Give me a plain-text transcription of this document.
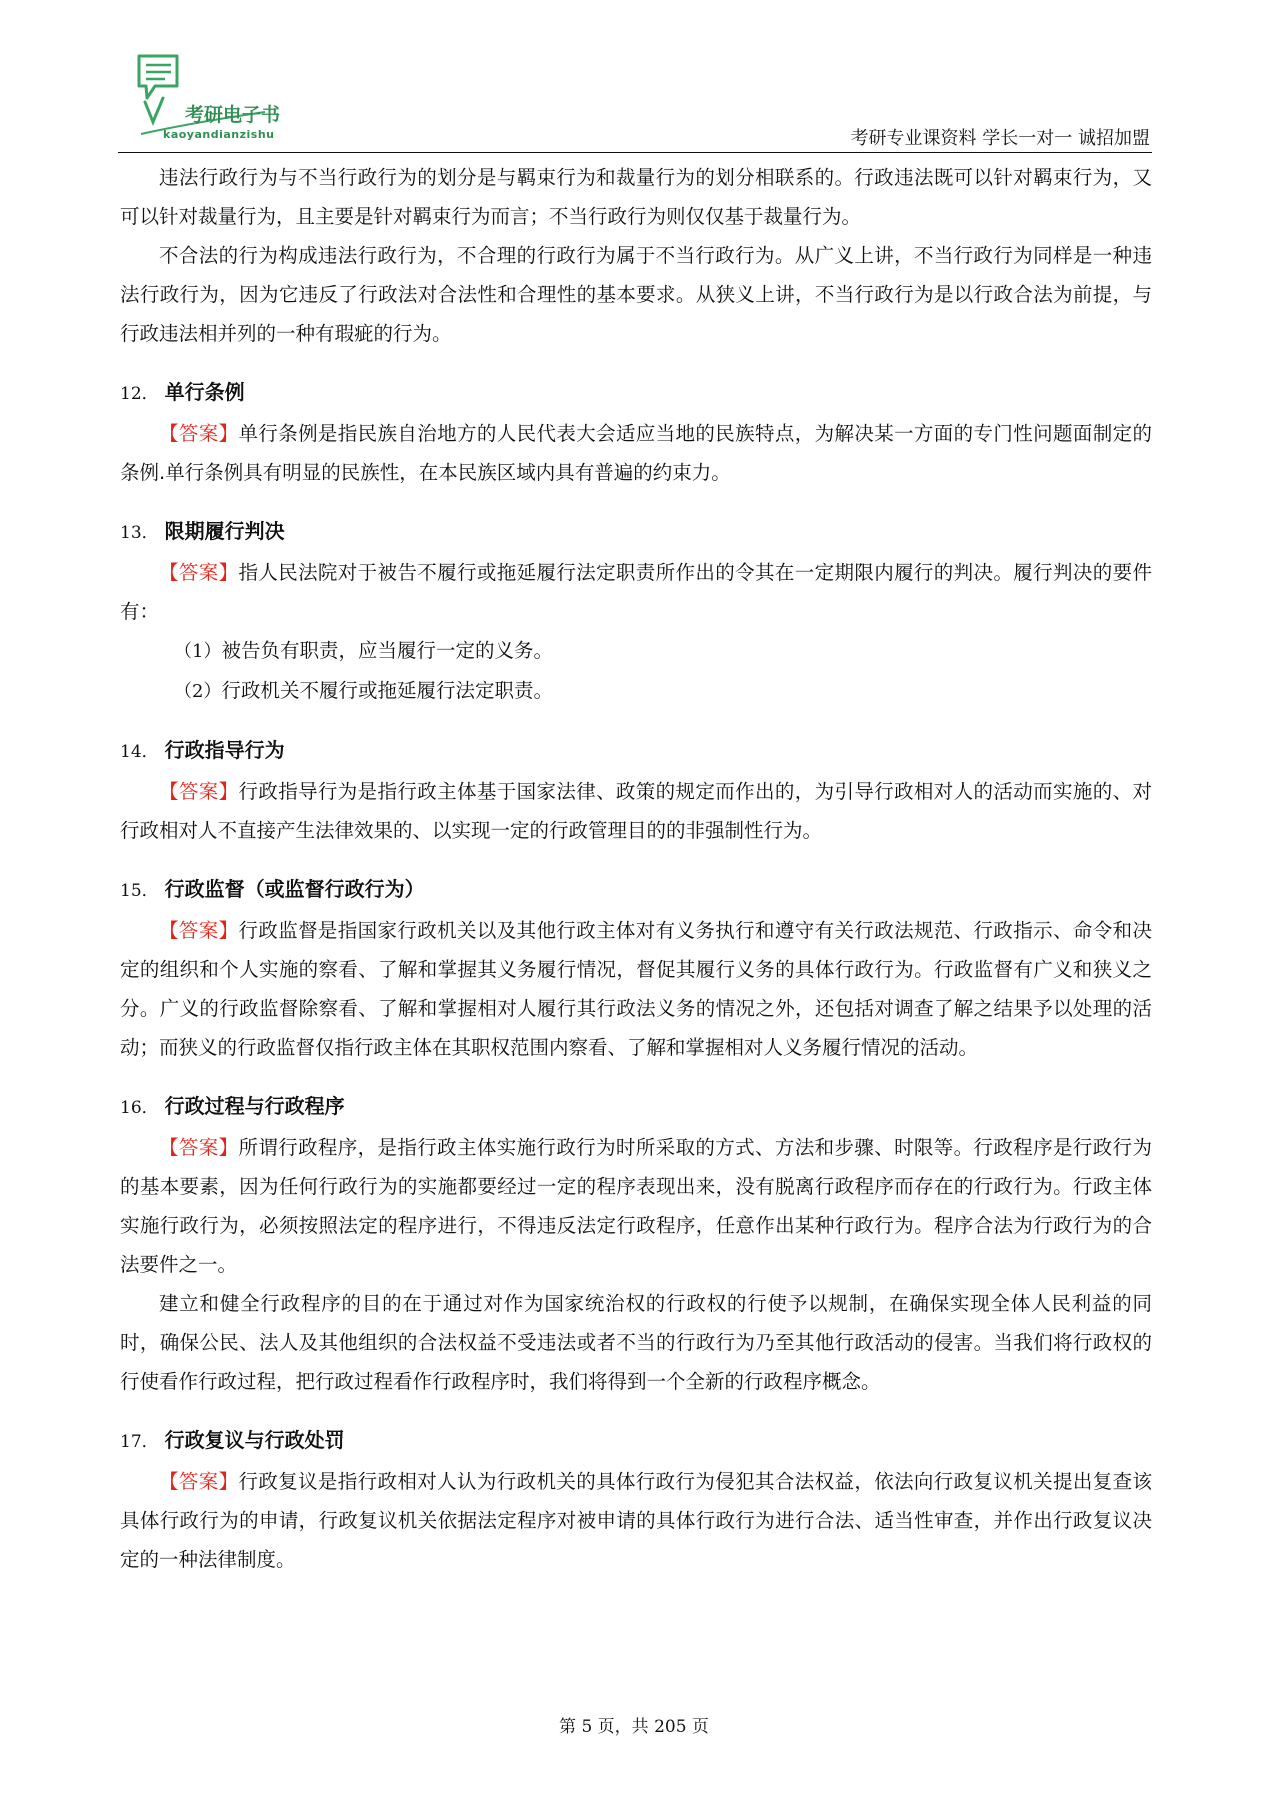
考研电子书
kaoyandianzishu	考研专业课资料 学长一对一 诚招加盟

违法行政行为与不当行政行为的划分是与羁束行为和裁量行为的划分相联系的。行政违法既可以针对羁束行为，又可以针对裁量行为，且主要是针对羁束行为而言；不当行政行为则仅仅基于裁量行为。

不合法的行为构成违法行政行为，不合理的行政行为属于不当行政行为。从广义上讲，不当行政行为同样是一种违法行政行为，因为它违反了行政法对合法性和合理性的基本要求。从狭义上讲，不当行政行为是以行政合法为前提，与行政违法相并列的一种有瑕疵的行为。

12． 单行条例

【答案】单行条例是指民族自治地方的人民代表大会适应当地的民族特点，为解决某一方面的专门性问题面制定的条例.单行条例具有明显的民族性，在本民族区域内具有普遍的约束力。

13． 限期履行判决

【答案】指人民法院对于被告不履行或拖延履行法定职责所作出的令其在一定期限内履行的判决。履行判决的要件有：

（1）被告负有职责，应当履行一定的义务。

（2）行政机关不履行或拖延履行法定职责。

14． 行政指导行为

【答案】行政指导行为是指行政主体基于国家法律、政策的规定而作出的，为引导行政相对人的活动而实施的、对行政相对人不直接产生法律效果的、以实现一定的行政管理目的的非强制性行为。

15． 行政监督（或监督行政行为）

【答案】行政监督是指国家行政机关以及其他行政主体对有义务执行和遵守有关行政法规范、行政指示、命令和决定的组织和个人实施的察看、了解和掌握其义务履行情况，督促其履行义务的具体行政行为。行政监督有广义和狭义之分。广义的行政监督除察看、了解和掌握相对人履行其行政法义务的情况之外，还包括对调查了解之结果予以处理的活动；而狭义的行政监督仅指行政主体在其职权范围内察看、了解和掌握相对人义务履行情况的活动。

16． 行政过程与行政程序

【答案】所谓行政程序，是指行政主体实施行政行为时所采取的方式、方法和步骤、时限等。行政程序是行政行为的基本要素，因为任何行政行为的实施都要经过一定的程序表现出来，没有脱离行政程序而存在的行政行为。行政主体实施行政行为，必须按照法定的程序进行，不得违反法定行政程序，任意作出某种行政行为。程序合法为行政行为的合法要件之一。

建立和健全行政程序的目的在于通过对作为国家统治权的行政权的行使予以规制，在确保实现全体人民利益的同时，确保公民、法人及其他组织的合法权益不受违法或者不当的行政行为乃至其他行政活动的侵害。当我们将行政权的行使看作行政过程，把行政过程看作行政程序时，我们将得到一个全新的行政程序概念。

17． 行政复议与行政处罚

【答案】行政复议是指行政相对人认为行政机关的具体行政行为侵犯其合法权益，依法向行政复议机关提出复查该具体行政行为的申请，行政复议机关依据法定程序对被申请的具体行政行为进行合法、适当性审查，并作出行政复议决定的一种法律制度。

第 5 页，共 205 页
